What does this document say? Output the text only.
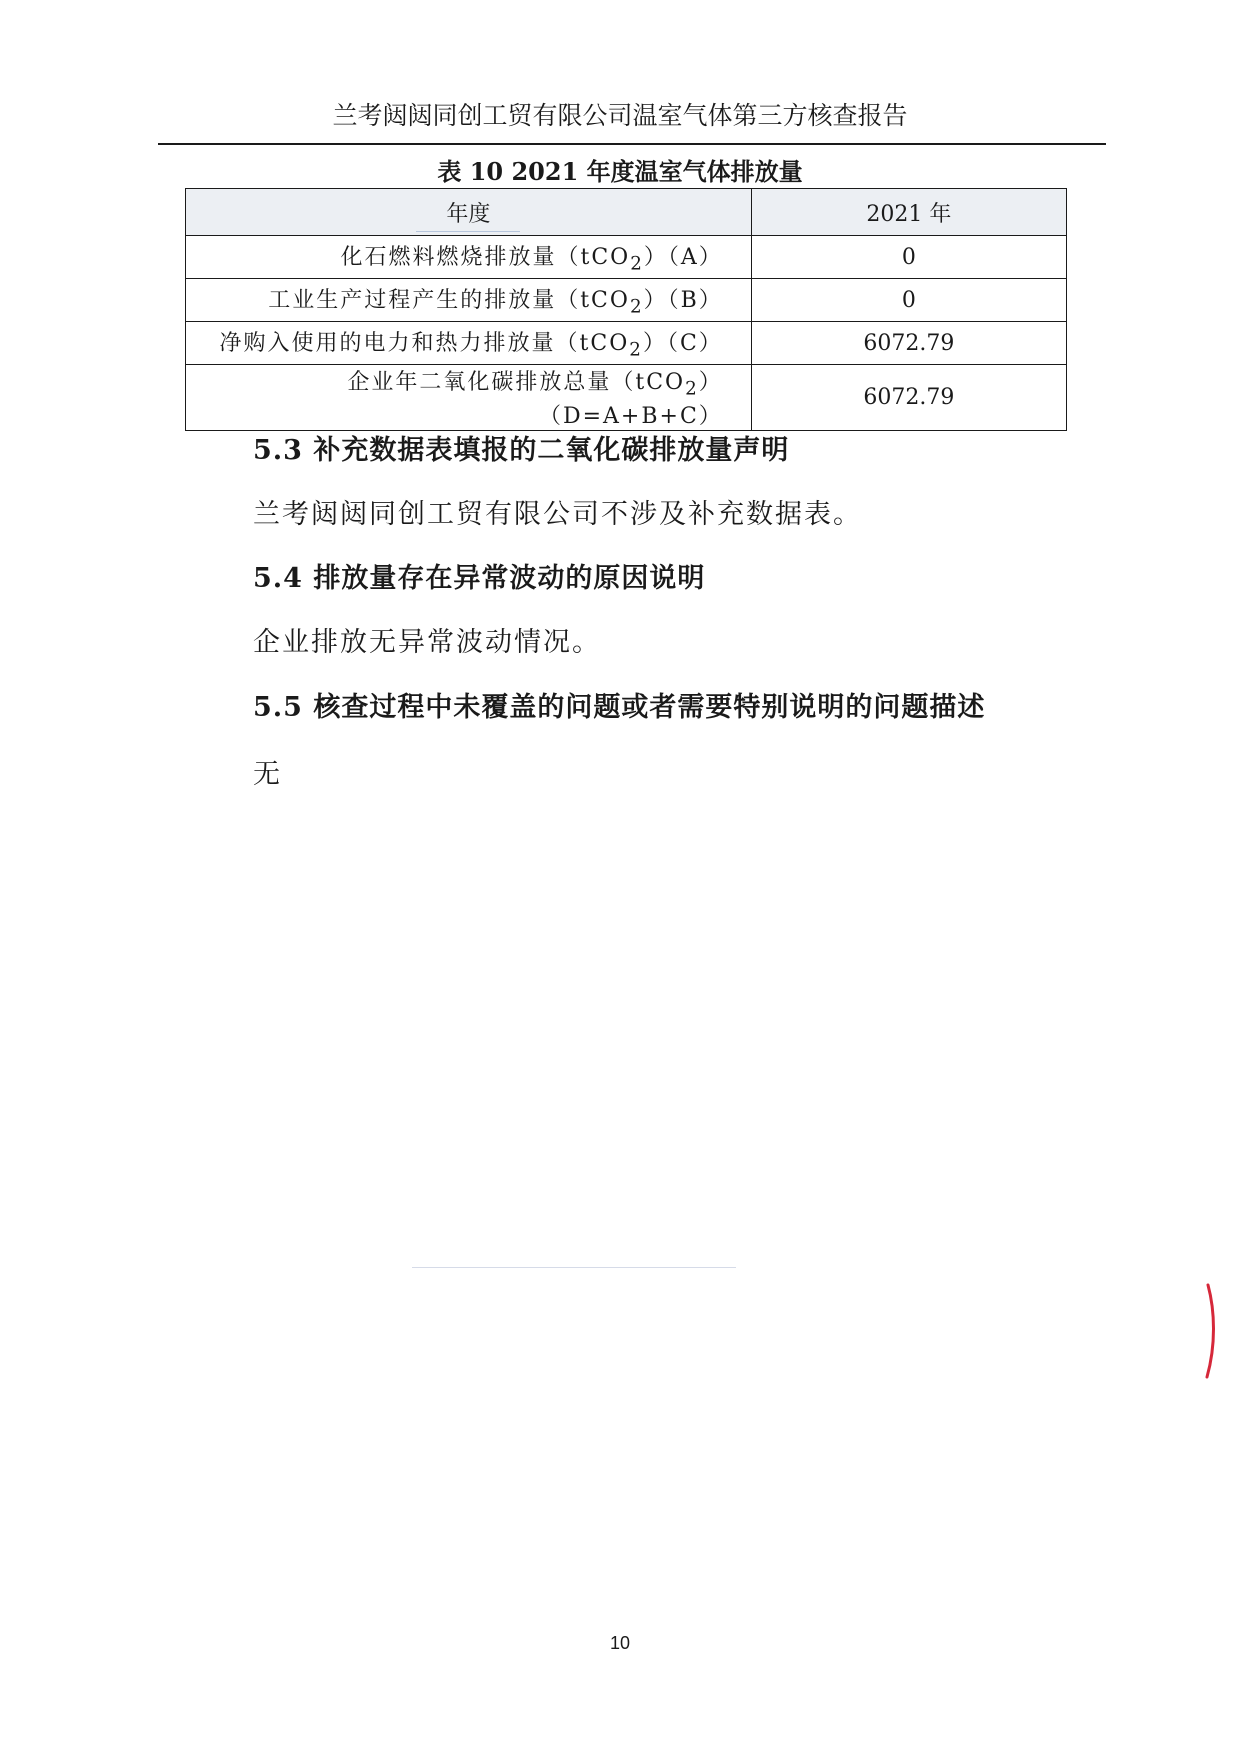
兰考闼闼同创工贸有限公司温室气体第三方核查报告
表 10 2021 年度温室气体排放量
年度	2021 年
化石燃料燃烧排放量（tCO$_2$）（A）	0
工业生产过程产生的排放量（tCO$_2$）（B）	0
净购入使用的电力和热力排放量（tCO$_2$）（C）	6072.79
企业年二氧化碳排放总量（tCO$_2$）（D=A+B+C）	6072.79
5.3 补充数据表填报的二氧化碳排放量声明
兰考闼闼同创工贸有限公司不涉及补充数据表。
5.4 排放量存在异常波动的原因说明
企业排放无异常波动情况。
5.5 核查过程中未覆盖的问题或者需要特别说明的问题描述
无
10
